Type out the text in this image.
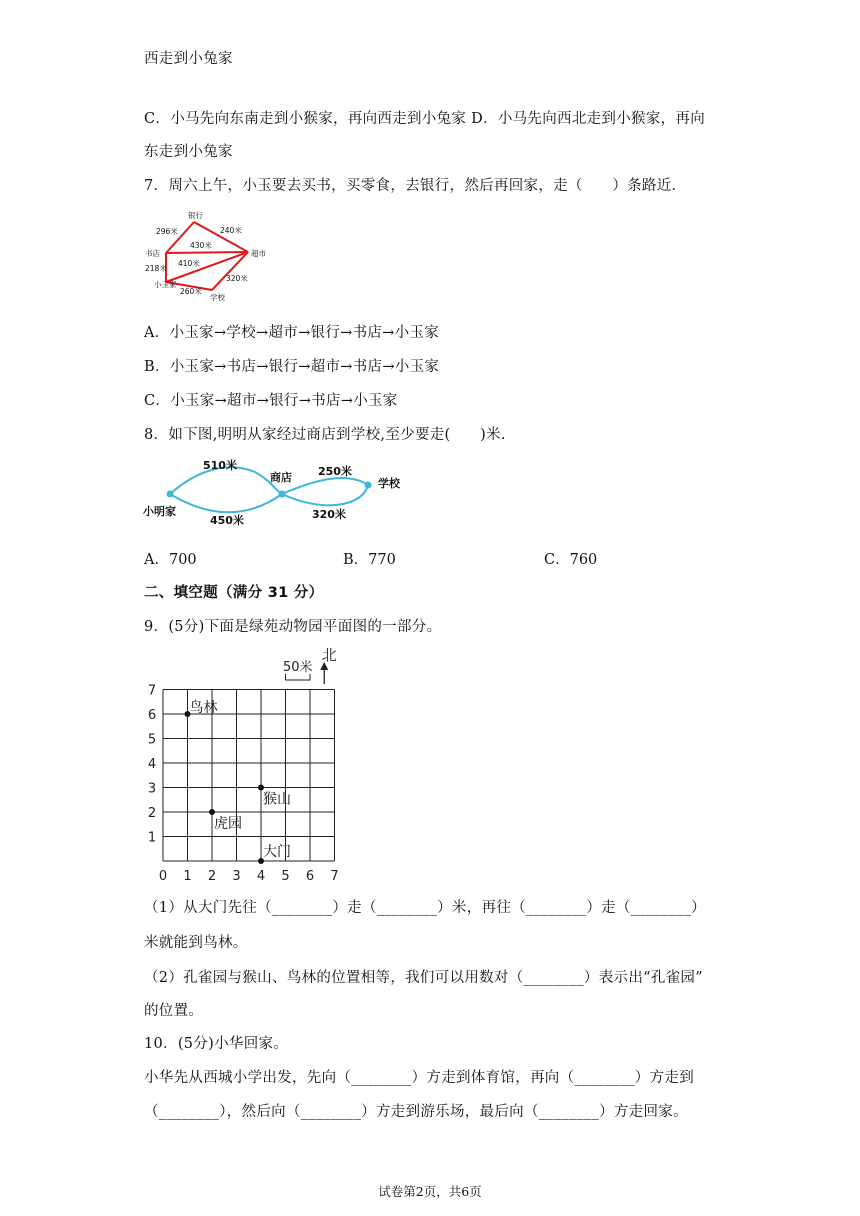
西走到小兔家
C．小马先向东南走到小猴家，再向西走到小兔家 D．小马先向西北走到小猴家，再向
东走到小兔家
7．周六上午，小玉要去买书，买零食，去银行，然后再回家，走（　　）条路近．
银行
书店	超市
小玉家
学校
296米	240米
430米
410米
218米
260米
320米
A．小玉家→学校→超市→银行→书店→小玉家
B．小玉家→书店→银行→超市→书店→小玉家
C．小玉家→超市→银行→书店→小玉家
8．如下图,明明从家经过商店到学校,至少要走(　　)米.
小明家
商店	学校
510米
450米
250米
320米
A．700	B．770	C．760
二、填空题（满分 31 分）
9．(5分)下面是绿苑动物园平面图的一部分。
0 1 2 3 4 5 6 7
1
2
3
4
5
6
7
50米
北
鸟林
猴山
虎园
大门
（1）从大门先往（________）走（________）米，再往（________）走（________）
米就能到鸟林。
（2）孔雀园与猴山、鸟林的位置相等，我们可以用数对（________）表示出“孔雀园”
的位置。
10．(5分)小华回家。
小华先从西城小学出发，先向（________）方走到体育馆，再向（________）方走到
（________），然后向（________）方走到游乐场，最后向（________）方走回家。
试卷第2页，共6页
